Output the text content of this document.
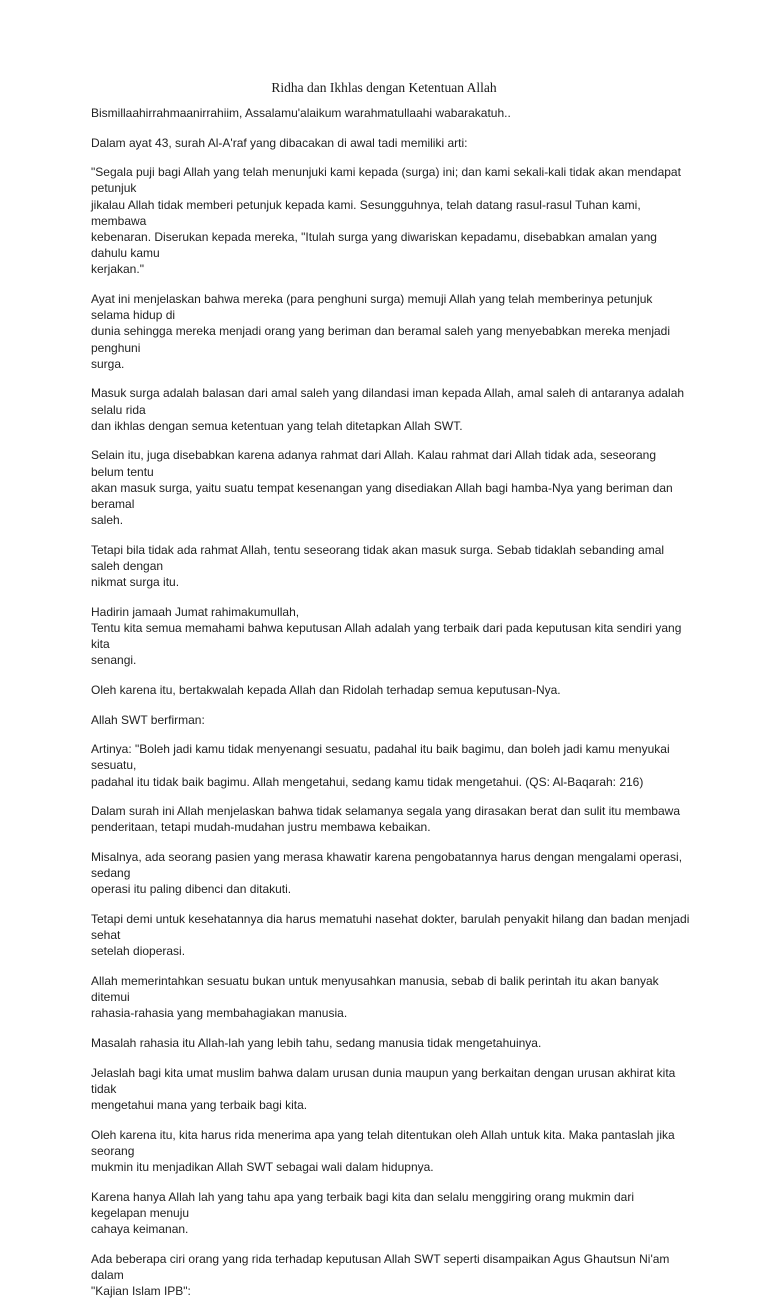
Ridha dan Ikhlas dengan Ketentuan Allah

Bismillaahirrahmaanirrahiim, Assalamu'alaikum warahmatullaahi wabarakatuh..

Dalam ayat 43, surah Al-A'raf yang dibacakan di awal tadi memiliki arti:

"Segala puji bagi Allah yang telah menunjuki kami kepada (surga) ini; dan kami sekali-kali tidak akan mendapat petunjuk
jikalau Allah tidak memberi petunjuk kepada kami. Sesungguhnya, telah datang rasul-rasul Tuhan kami, membawa
kebenaran. Diserukan kepada mereka, "Itulah surga yang diwariskan kepadamu, disebabkan amalan yang dahulu kamu
kerjakan."

Ayat ini menjelaskan bahwa mereka (para penghuni surga) memuji Allah yang telah memberinya petunjuk selama hidup di
dunia sehingga mereka menjadi orang yang beriman dan beramal saleh yang menyebabkan mereka menjadi penghuni
surga.

Masuk surga adalah balasan dari amal saleh yang dilandasi iman kepada Allah, amal saleh di antaranya adalah selalu rida
dan ikhlas dengan semua ketentuan yang telah ditetapkan Allah SWT.

Selain itu, juga disebabkan karena adanya rahmat dari Allah. Kalau rahmat dari Allah tidak ada, seseorang belum tentu
akan masuk surga, yaitu suatu tempat kesenangan yang disediakan Allah bagi hamba-Nya yang beriman dan beramal
saleh.

Tetapi bila tidak ada rahmat Allah, tentu seseorang tidak akan masuk surga. Sebab tidaklah sebanding amal saleh dengan
nikmat surga itu.

Hadirin jamaah Jumat rahimakumullah,
Tentu kita semua memahami bahwa keputusan Allah adalah yang terbaik dari pada keputusan kita sendiri yang kita
senangi.

Oleh karena itu, bertakwalah kepada Allah dan Ridolah terhadap semua keputusan-Nya.

Allah SWT berfirman:

Artinya: "Boleh jadi kamu tidak menyenangi sesuatu, padahal itu baik bagimu, dan boleh jadi kamu menyukai sesuatu,
padahal itu tidak baik bagimu. Allah mengetahui, sedang kamu tidak mengetahui. (QS: Al-Baqarah: 216)

Dalam surah ini Allah menjelaskan bahwa tidak selamanya segala yang dirasakan berat dan sulit itu membawa
penderitaan, tetapi mudah-mudahan justru membawa kebaikan.

Misalnya, ada seorang pasien yang merasa khawatir karena pengobatannya harus dengan mengalami operasi, sedang
operasi itu paling dibenci dan ditakuti.

Tetapi demi untuk kesehatannya dia harus mematuhi nasehat dokter, barulah penyakit hilang dan badan menjadi sehat
setelah dioperasi.

Allah memerintahkan sesuatu bukan untuk menyusahkan manusia, sebab di balik perintah itu akan banyak ditemui
rahasia-rahasia yang membahagiakan manusia.

Masalah rahasia itu Allah-lah yang lebih tahu, sedang manusia tidak mengetahuinya.

Jelaslah bagi kita umat muslim bahwa dalam urusan dunia maupun yang berkaitan dengan urusan akhirat kita tidak
mengetahui mana yang terbaik bagi kita.

Oleh karena itu, kita harus rida menerima apa yang telah ditentukan oleh Allah untuk kita. Maka pantaslah jika seorang
mukmin itu menjadikan Allah SWT sebagai wali dalam hidupnya.

Karena hanya Allah lah yang tahu apa yang terbaik bagi kita dan selalu menggiring orang mukmin dari kegelapan menuju
cahaya keimanan.

Ada beberapa ciri orang yang rida terhadap keputusan Allah SWT seperti disampaikan Agus Ghautsun Ni'am dalam
"Kajian Islam IPB":
